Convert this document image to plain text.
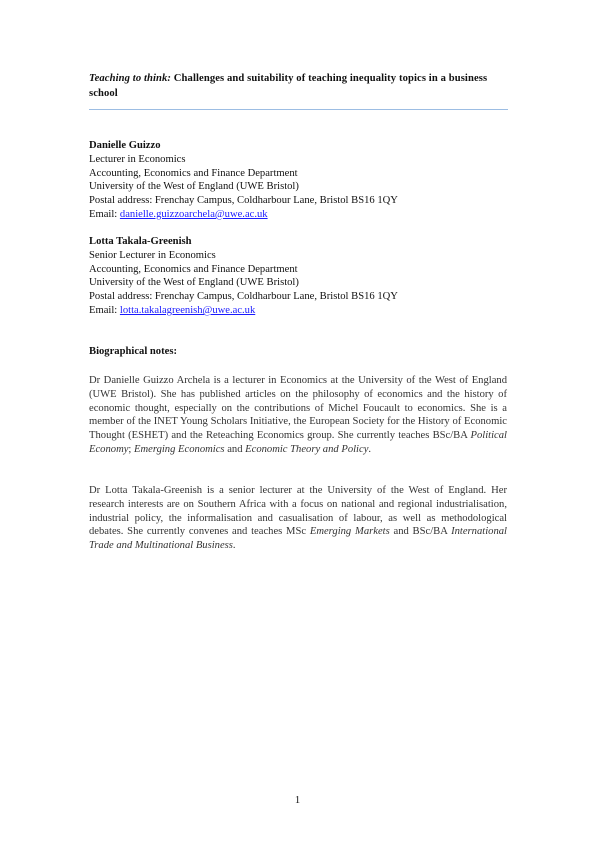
Teaching to think: Challenges and suitability of teaching inequality topics in a business school
Danielle Guizzo
Lecturer in Economics
Accounting, Economics and Finance Department
University of the West of England (UWE Bristol)
Postal address: Frenchay Campus, Coldharbour Lane, Bristol BS16 1QY
Email: danielle.guizzoarchela@uwe.ac.uk
Lotta Takala-Greenish
Senior Lecturer in Economics
Accounting, Economics and Finance Department
University of the West of England (UWE Bristol)
Postal address: Frenchay Campus, Coldharbour Lane, Bristol BS16 1QY
Email: lotta.takalagreenish@uwe.ac.uk
Biographical notes:
Dr Danielle Guizzo Archela is a lecturer in Economics at the University of the West of England (UWE Bristol). She has published articles on the philosophy of economics and the history of economic thought, especially on the contributions of Michel Foucault to economics. She is a member of the INET Young Scholars Initiative, the European Society for the History of Economic Thought (ESHET) and the Reteaching Economics group. She currently teaches BSc/BA Political Economy; Emerging Economics and Economic Theory and Policy.
Dr Lotta Takala-Greenish is a senior lecturer at the University of the West of England. Her research interests are on Southern Africa with a focus on national and regional industrialisation, industrial policy, the informalisation and casualisation of labour, as well as methodological debates. She currently convenes and teaches MSc Emerging Markets and BSc/BA International Trade and Multinational Business.
1
